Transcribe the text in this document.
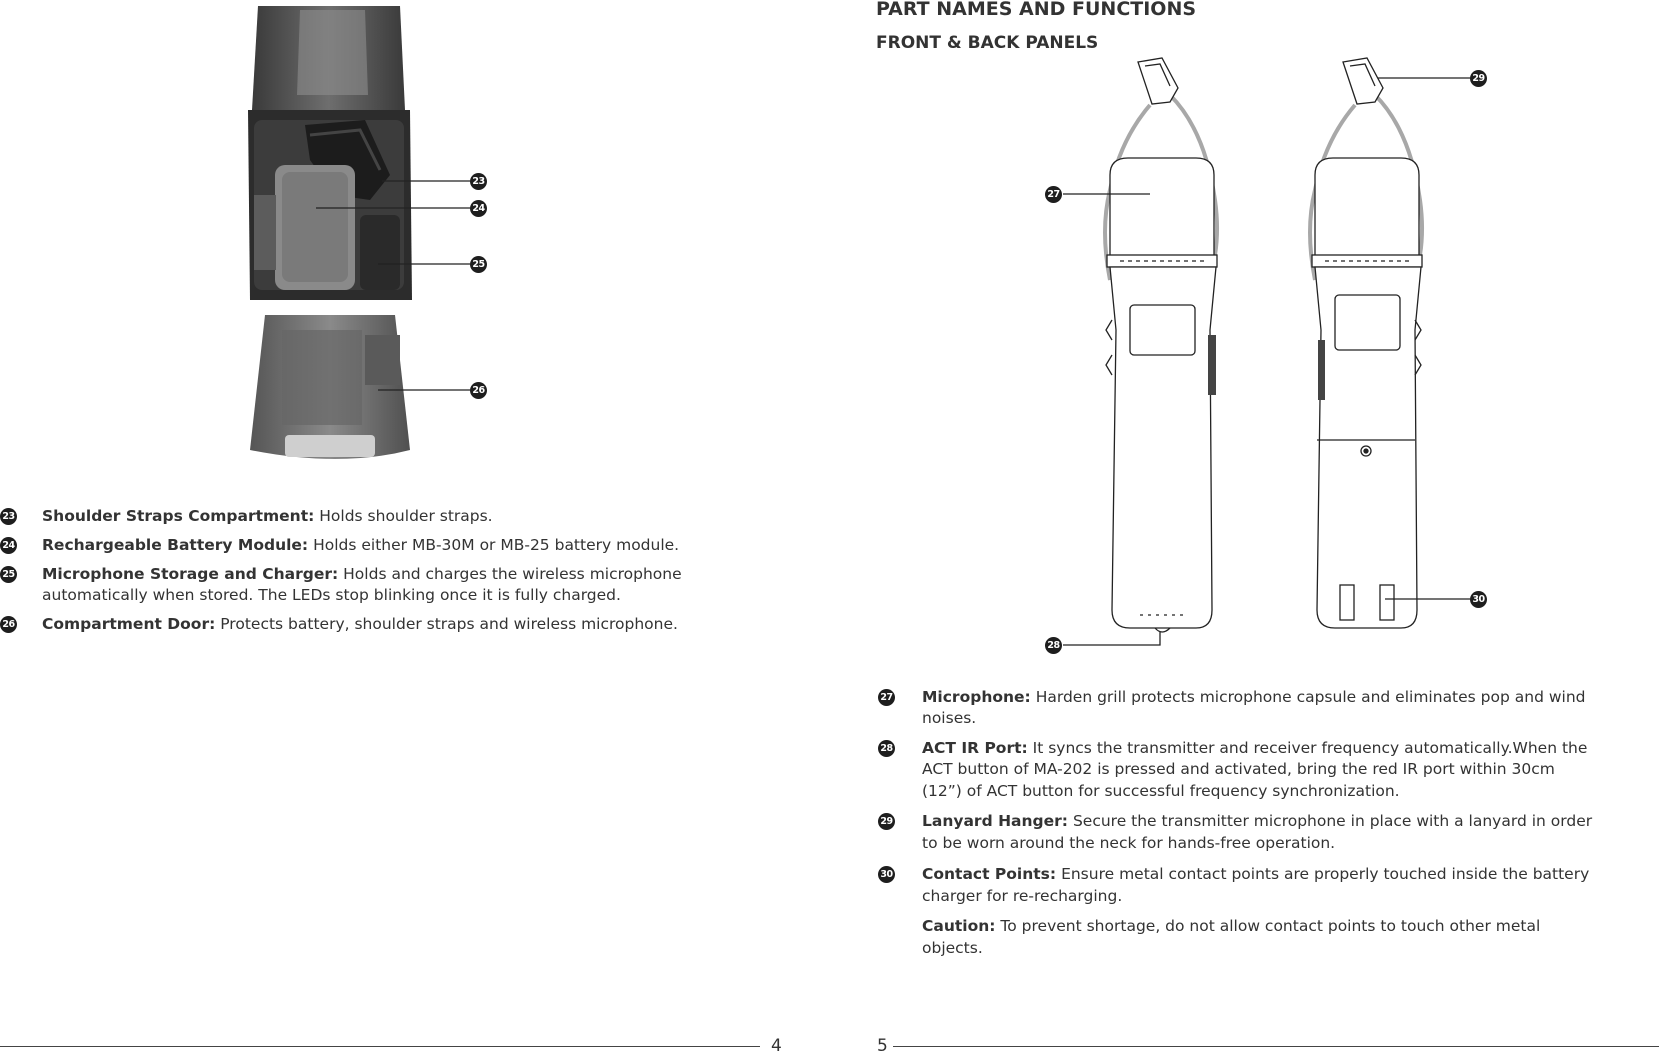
23
24
25
26
23 Shoulder Straps Compartment: Holds shoulder straps.
24 Rechargeable Battery Module: Holds either MB-30M or MB-25 battery module.
25 Microphone Storage and Charger: Holds and charges the wireless microphone
automatically when stored. The LEDs stop blinking once it is fully charged.
26 Compartment Door: Protects battery, shoulder straps and wireless microphone.
4
PART NAMES AND FUNCTIONS
FRONT & BACK PANELS
27
28
29
30
27 Microphone: Harden grill protects microphone capsule and eliminates pop and wind
noises.
28 ACT IR Port: It syncs the transmitter and receiver frequency automatically.When the
ACT button of MA-202 is pressed and activated, bring the red IR port within 30cm
(12”) of ACT button for successful frequency synchronization.
29 Lanyard Hanger: Secure the transmitter microphone in place with a lanyard in order
to be worn around the neck for hands-free operation.
30 Contact Points: Ensure metal contact points are properly touched inside the battery
charger for re-recharging.
Caution: To prevent shortage, do not allow contact points to touch other metal
objects.
5
